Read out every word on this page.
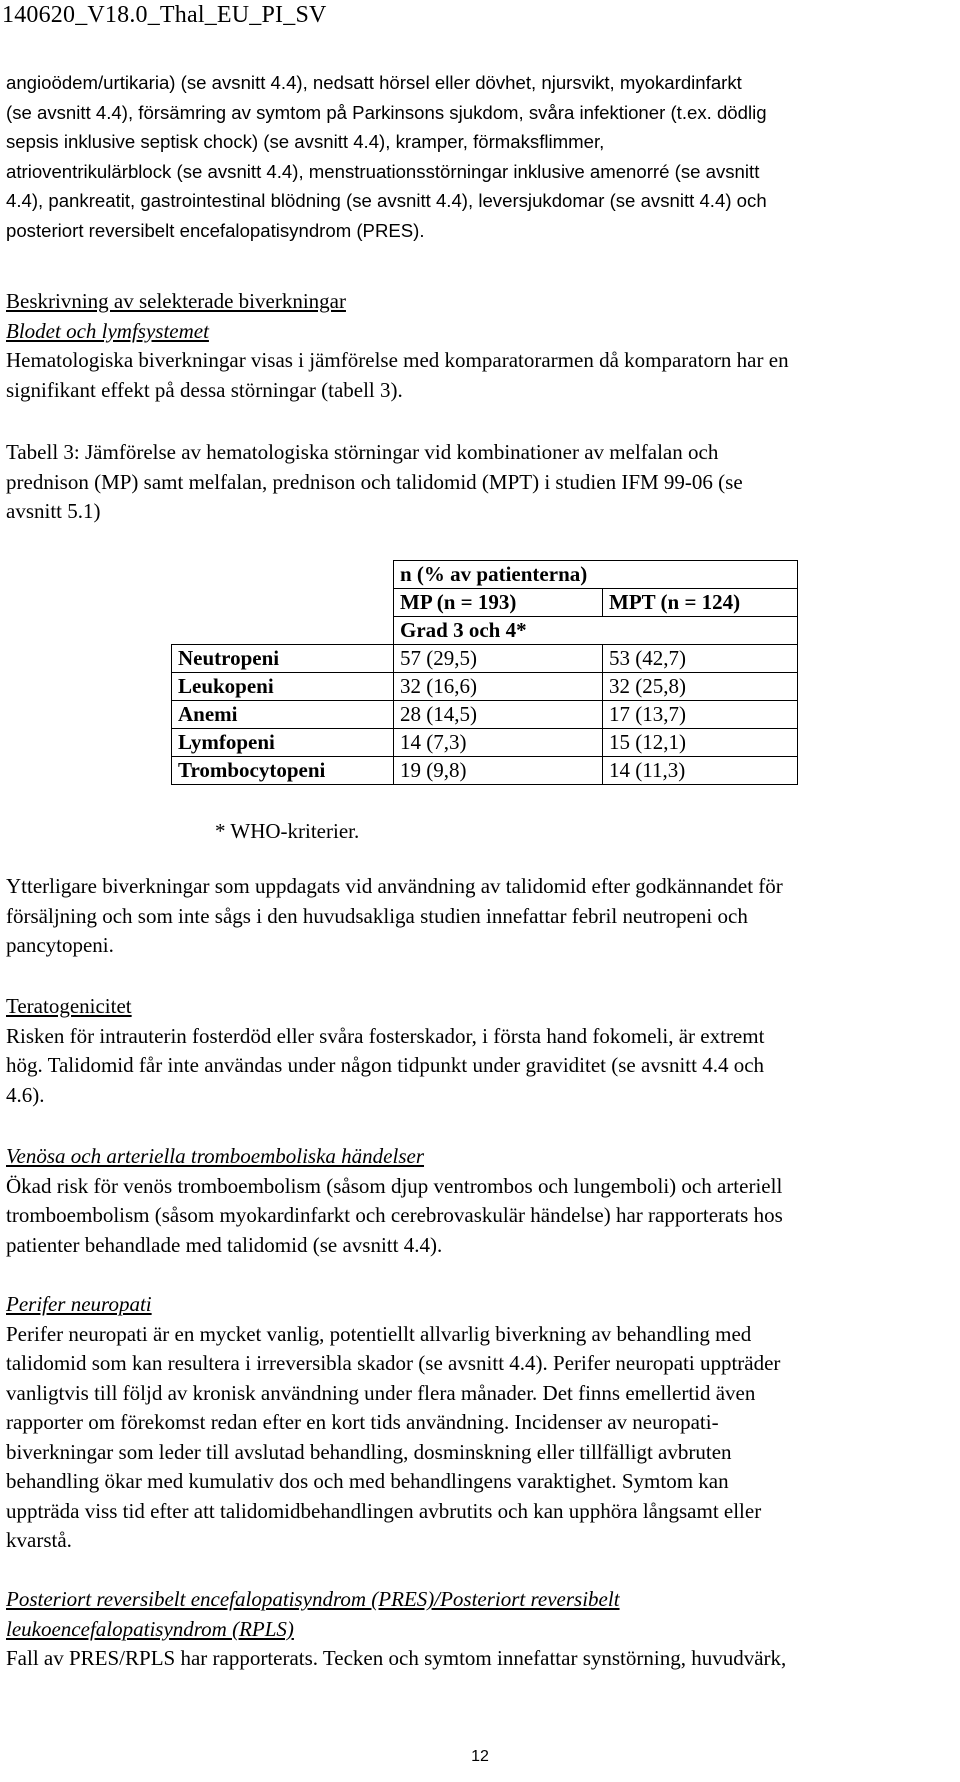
140620_V18.0_Thal_EU_PI_SV
angioödem/urtikaria) (se avsnitt 4.4), nedsatt hörsel eller dövhet, njursvikt, myokardinfarkt
(se avsnitt 4.4), försämring av symtom på Parkinsons sjukdom, svåra infektioner (t.ex. dödlig
sepsis inklusive septisk chock) (se avsnitt 4.4), kramper, förmaksflimmer,
atrioventrikulärblock (se avsnitt 4.4), menstruationsstörningar inklusive amenorré (se avsnitt
4.4), pankreatit, gastrointestinal blödning (se avsnitt 4.4), leversjukdomar (se avsnitt 4.4) och
posteriort reversibelt encefalopatisyndrom (PRES).
Beskrivning av selekterade biverkningar
Blodet och lymfsystemet
Hematologiska biverkningar visas i jämförelse med komparatorarmen då komparatorn har en
signifikant effekt på dessa störningar (tabell 3).
Tabell 3: Jämförelse av hematologiska störningar vid kombinationer av melfalan och
prednison (MP) samt melfalan, prednison och talidomid (MPT) i studien IFM 99-06 (se
avsnitt 5.1)
	n (% av patienterna)	
	MP (n = 193)	MPT (n = 124)
	Grad 3 och 4*	
Neutropeni	57 (29,5)	53 (42,7)
Leukopeni	32 (16,6)	32 (25,8)
Anemi	28 (14,5)	17 (13,7)
Lymfopeni	14 (7,3)	15 (12,1)
Trombocytopeni	19 (9,8)	14 (11,3)
* WHO-kriterier.
Ytterligare biverkningar som uppdagats vid användning av talidomid efter godkännandet för
försäljning och som inte sågs i den huvudsakliga studien innefattar febril neutropeni och
pancytopeni.
Teratogenicitet
Risken för intrauterin fosterdöd eller svåra fosterskador, i första hand fokomeli, är extremt
hög. Talidomid får inte användas under någon tidpunkt under graviditet (se avsnitt 4.4 och
4.6).
Venösa och arteriella tromboemboliska händelser
Ökad risk för venös tromboembolism (såsom djup ventrombos och lungemboli) och arteriell
tromboembolism (såsom myokardinfarkt och cerebrovaskulär händelse) har rapporterats hos
patienter behandlade med talidomid (se avsnitt 4.4).
Perifer neuropati
Perifer neuropati är en mycket vanlig, potentiellt allvarlig biverkning av behandling med
talidomid som kan resultera i irreversibla skador (se avsnitt 4.4). Perifer neuropati uppträder
vanligtvis till följd av kronisk användning under flera månader. Det finns emellertid även
rapporter om förekomst redan efter en kort tids användning. Incidenser av neuropati-
biverkningar som leder till avslutad behandling, dosminskning eller tillfälligt avbruten
behandling ökar med kumulativ dos och med behandlingens varaktighet. Symtom kan
uppträda viss tid efter att talidomidbehandlingen avbrutits och kan upphöra långsamt eller
kvarstå.
Posteriort reversibelt encefalopatisyndrom (PRES)/Posteriort reversibelt
leukoencefalopatisyndrom (RPLS)
Fall av PRES/RPLS har rapporterats. Tecken och symtom innefattar synstörning, huvudvärk,
12
